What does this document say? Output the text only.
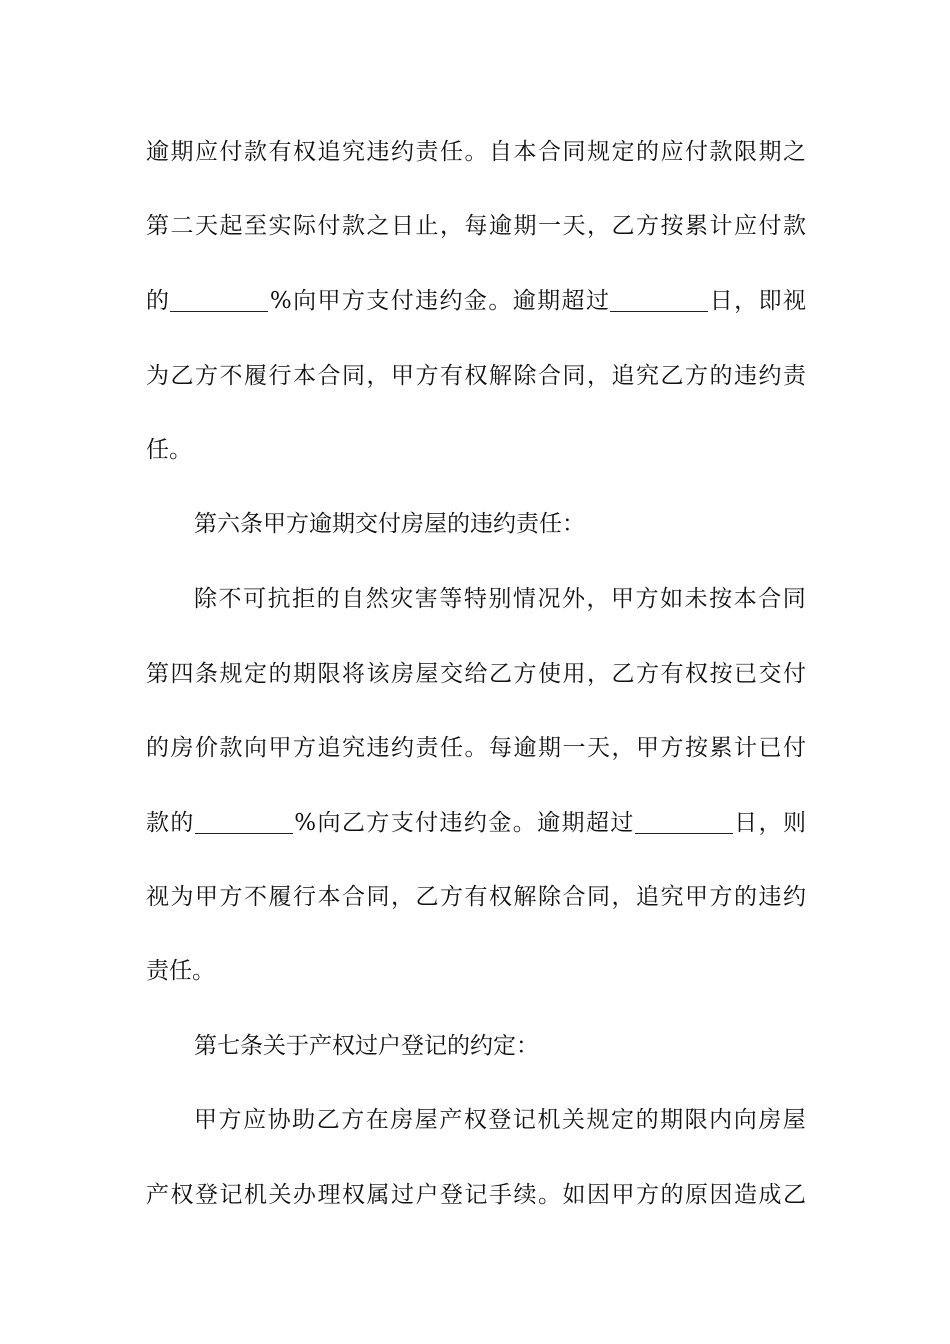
逾 期 应 付 款 有 权 追 究 违 约 责 任 。 自 本 合 同 规 定 的 应 付 款 限 期 之
第 二 天 起 至 实 际 付 款 之 日 止 ， 每 逾 期 一 天 ， 乙 方 按 累 计 应 付 款
的	% 向 甲 方 支 付 违 约 金 。 逾 期 超 过	日 ， 即 视
为 乙 方 不 履 行 本 合 同 ， 甲 方 有 权 解 除 合 同 ， 追 究 乙 方 的 违 约 责
任 。
第 六 条 甲 方 逾 期 交 付 房 屋 的 违 约 责 任 ：
除 不 可 抗 拒 的 自 然 灾 害 等 特 别 情 况 外 ， 甲 方 如 未 按 本 合 同
第 四 条 规 定 的 期 限 将 该 房 屋 交 给 乙 方 使 用 ， 乙 方 有 权 按 已 交 付
的 房 价 款 向 甲 方 追 究 违 约 责 任 。 每 逾 期 一 天 ， 甲 方 按 累 计 已 付
款 的	% 向 乙 方 支 付 违 约 金 。 逾 期 超 过	日 ， 则
视 为 甲 方 不 履 行 本 合 同 ， 乙 方 有 权 解 除 合 同 ， 追 究 甲 方 的 违 约
责 任 。
第 七 条 关 于 产 权 过 户 登 记 的 约 定 ：
甲 方 应 协 助 乙 方 在 房 屋 产 权 登 记 机 关 规 定 的 期 限 内 向 房 屋
产 权 登 记 机 关 办 理 权 属 过 户 登 记 手 续 。 如 因 甲 方 的 原 因 造 成 乙
